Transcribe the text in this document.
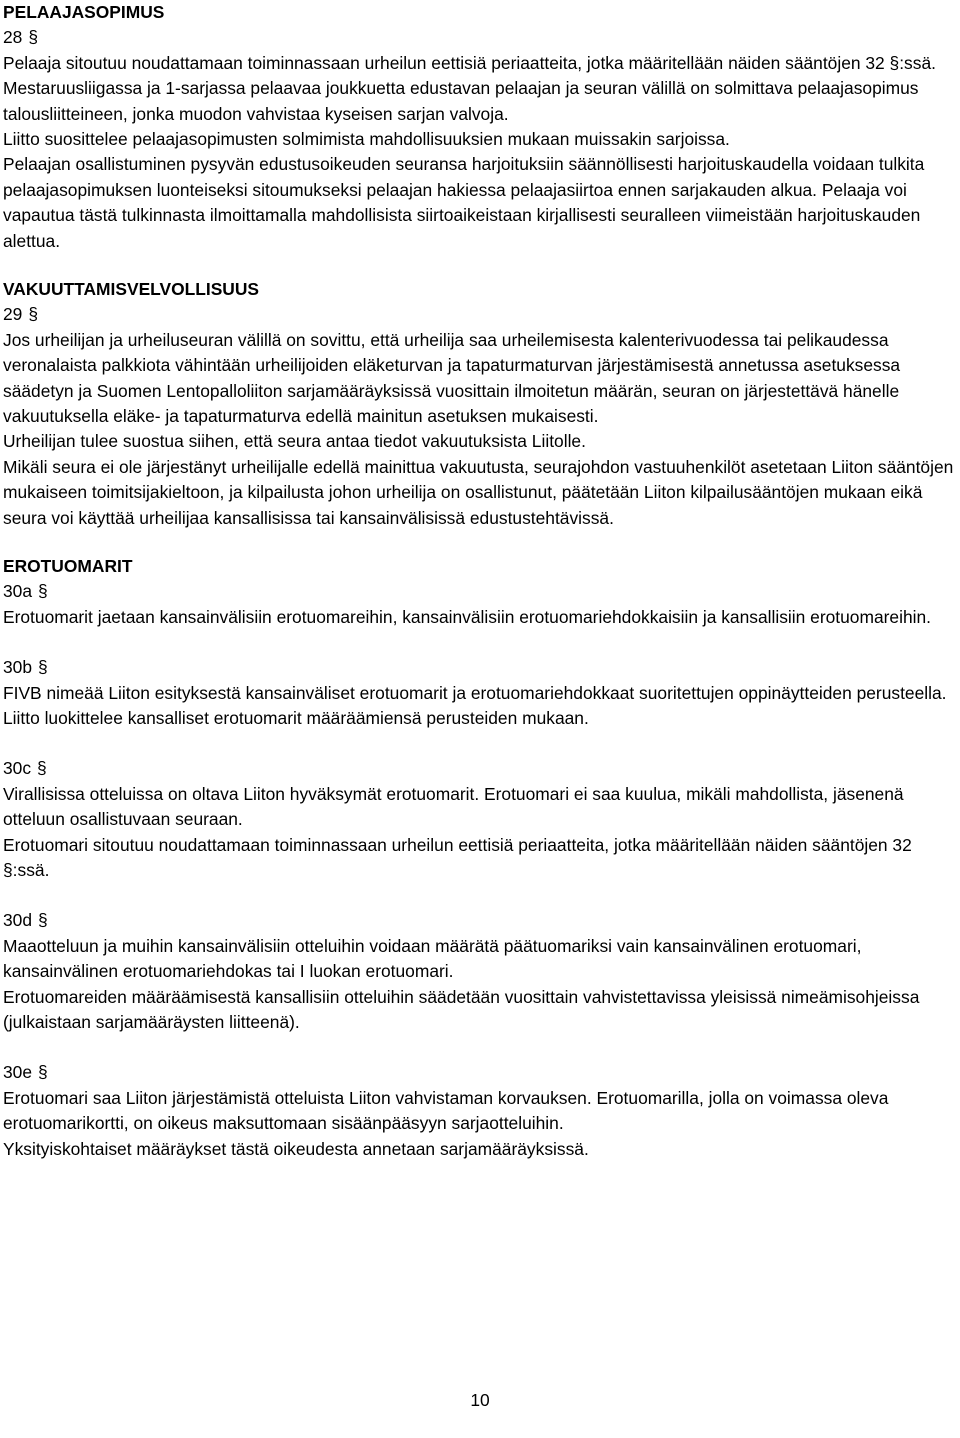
PELAAJASOPIMUS
28 §

Pelaaja sitoutuu noudattamaan toiminnassaan urheilun eettisiä periaatteita, jotka määritellään näiden sääntöjen 32 §:ssä.

Mestaruusliigassa ja 1-sarjassa pelaavaa joukkuetta edustavan pelaajan ja seuran välillä on solmittava pelaajasopimus talousliitteineen, jonka muodon vahvistaa kyseisen sarjan valvoja.

Liitto suosittelee pelaajasopimusten solmimista mahdollisuuksien mukaan muissakin sarjoissa.

Pelaajan osallistuminen pysyvän edustusoikeuden seuransa harjoituksiin säännöllisesti harjoituskaudella voidaan tulkita pelaajasopimuksen luonteiseksi sitoumukseksi pelaajan hakiessa pelaajasiirtoa ennen sarjakauden alkua. Pelaaja voi vapautua tästä tulkinnasta ilmoittamalla mahdollisista siirtoaikeistaan kirjallisesti seuralleen viimeistään harjoituskauden alettua.

VAKUUTTAMISVELVOLLISUUS
29 §

Jos urheilijan ja urheiluseuran välillä on sovittu, että urheilija saa urheilemisesta kalenterivuodessa tai pelikaudessa veronalaista palkkiota vähintään urheilijoiden eläketurvan ja tapaturmaturvan järjestämisestä annetussa asetuksessa säädetyn ja Suomen Lentopalloliiton sarjamääräyksissä vuosittain ilmoitetun määrän, seuran on järjestettävä hänelle vakuutuksella eläke- ja tapaturmaturva edellä mainitun asetuksen mukaisesti.

Urheilijan tulee suostua siihen, että seura antaa tiedot vakuutuksista Liitolle.

Mikäli seura ei ole järjestänyt urheilijalle edellä mainittua vakuutusta, seurajohdon vastuuhenkilöt asetetaan Liiton sääntöjen mukaiseen toimitsijakieltoon, ja kilpailusta johon urheilija on osallistunut, päätetään Liiton kilpailusääntöjen mukaan eikä seura voi käyttää urheilijaa kansallisissa tai kansainvälisissä edustustehtävissä.

EROTUOMARIT
30a §

Erotuomarit jaetaan kansainvälisiin erotuomareihin, kansainvälisiin erotuomariehdokkaisiin ja kansallisiin erotuomareihin.

30b §

FIVB nimeää Liiton esityksestä kansainväliset erotuomarit ja erotuomariehdokkaat suoritettujen oppinäytteiden perusteella.

Liitto luokittelee kansalliset erotuomarit määräämiensä perusteiden mukaan.

30c §

Virallisissa otteluissa on oltava Liiton hyväksymät erotuomarit. Erotuomari ei saa kuulua, mikäli mahdollista, jäsenenä otteluun osallistuvaan seuraan.

Erotuomari sitoutuu noudattamaan toiminnassaan urheilun eettisiä periaatteita, jotka määritellään näiden sääntöjen 32 §:ssä.

30d §

Maaotteluun ja muihin kansainvälisiin otteluihin voidaan määrätä päätuomariksi vain kansainvälinen erotuomari, kansainvälinen erotuomariehdokas tai I luokan erotuomari.

Erotuomareiden määräämisestä kansallisiin otteluihin säädetään vuosittain vahvistettavissa yleisissä nimeämisohjeissa (julkaistaan sarjamääräysten liitteenä).

30e §

Erotuomari saa Liiton järjestämistä otteluista Liiton vahvistaman korvauksen. Erotuomarilla, jolla on voimassa oleva erotuomarikortti, on oikeus maksuttomaan sisäänpääsyyn sarjaotteluihin.

Yksityiskohtaiset määräykset tästä oikeudesta annetaan sarjamääräyksissä.

10
